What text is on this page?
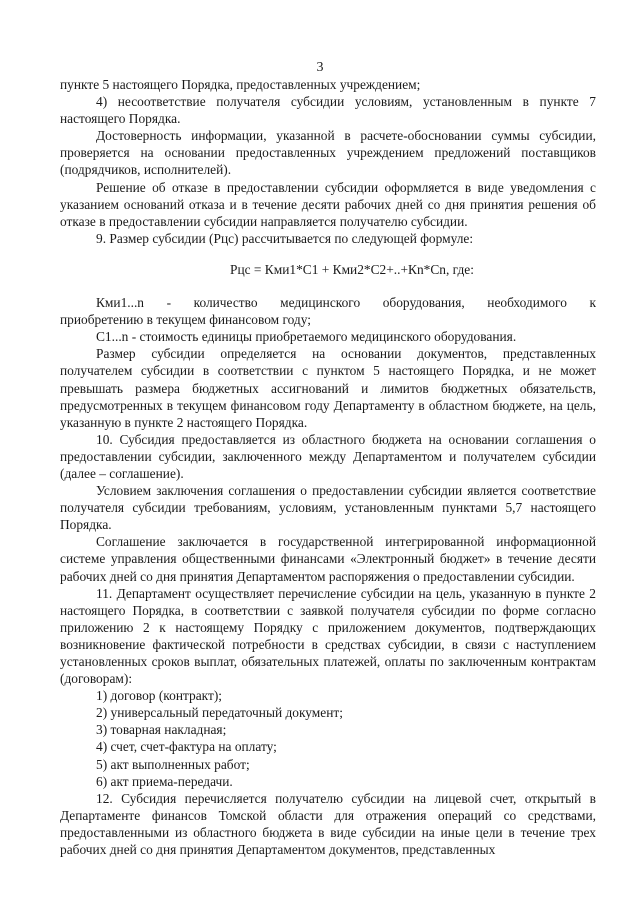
3

пункте 5 настоящего Порядка, предоставленных учреждением;

4) несоответствие получателя субсидии условиям, установленным в пункте 7 настоящего Порядка.

Достоверность информации, указанной в расчете-обосновании суммы субсидии, проверяется на основании предоставленных учреждением предложений поставщиков (подрядчиков, исполнителей).

Решение об отказе в предоставлении субсидии оформляется в виде уведомления с указанием оснований отказа и в течение десяти рабочих дней со дня принятия решения об отказе в предоставлении субсидии направляется получателю субсидии.

9. Размер субсидии (Рцс) рассчитывается по следующей формуле:

Рцс = Кми1*С1 + Кми2*С2+..+Кn*Сn, где:

Кми1...n - количество медицинского оборудования, необходимого к

приобретению в текущем финансовом году;

С1...n - стоимость единицы приобретаемого медицинского оборудования.

Размер субсидии определяется на основании документов, представленных получателем субсидии в соответствии с пунктом 5 настоящего Порядка, и не может превышать размера бюджетных ассигнований и лимитов бюджетных обязательств, предусмотренных в текущем финансовом году Департаменту в областном бюджете, на цель, указанную в пункте 2 настоящего Порядка.

10. Субсидия предоставляется из областного бюджета на основании соглашения о предоставлении субсидии, заключенного между Департаментом и получателем субсидии (далее – соглашение).

Условием заключения соглашения о предоставлении субсидии является соответствие получателя субсидии требованиям, условиям, установленным пунктами 5,7 настоящего Порядка.

Соглашение заключается в государственной интегрированной информационной системе управления общественными финансами «Электронный бюджет» в течение десяти рабочих дней со дня принятия Департаментом распоряжения о предоставлении субсидии.

11. Департамент осуществляет перечисление субсидии на цель, указанную в пункте 2 настоящего Порядка, в соответствии с заявкой получателя субсидии по форме согласно приложению 2 к настоящему Порядку с приложением документов, подтверждающих возникновение фактической потребности в средствах субсидии, в связи с наступлением установленных сроков выплат, обязательных платежей, оплаты по заключенным контрактам (договорам):

1) договор (контракт);

2) универсальный передаточный документ;

3) товарная накладная;

4) счет, счет-фактура на оплату;

5) акт выполненных работ;

6) акт приема-передачи.

12. Субсидия перечисляется получателю субсидии на лицевой счет, открытый в Департаменте финансов Томской области для отражения операций со средствами, предоставленными из областного бюджета в виде субсидии на иные цели в течение трех рабочих дней со дня принятия Департаментом документов, представленных
